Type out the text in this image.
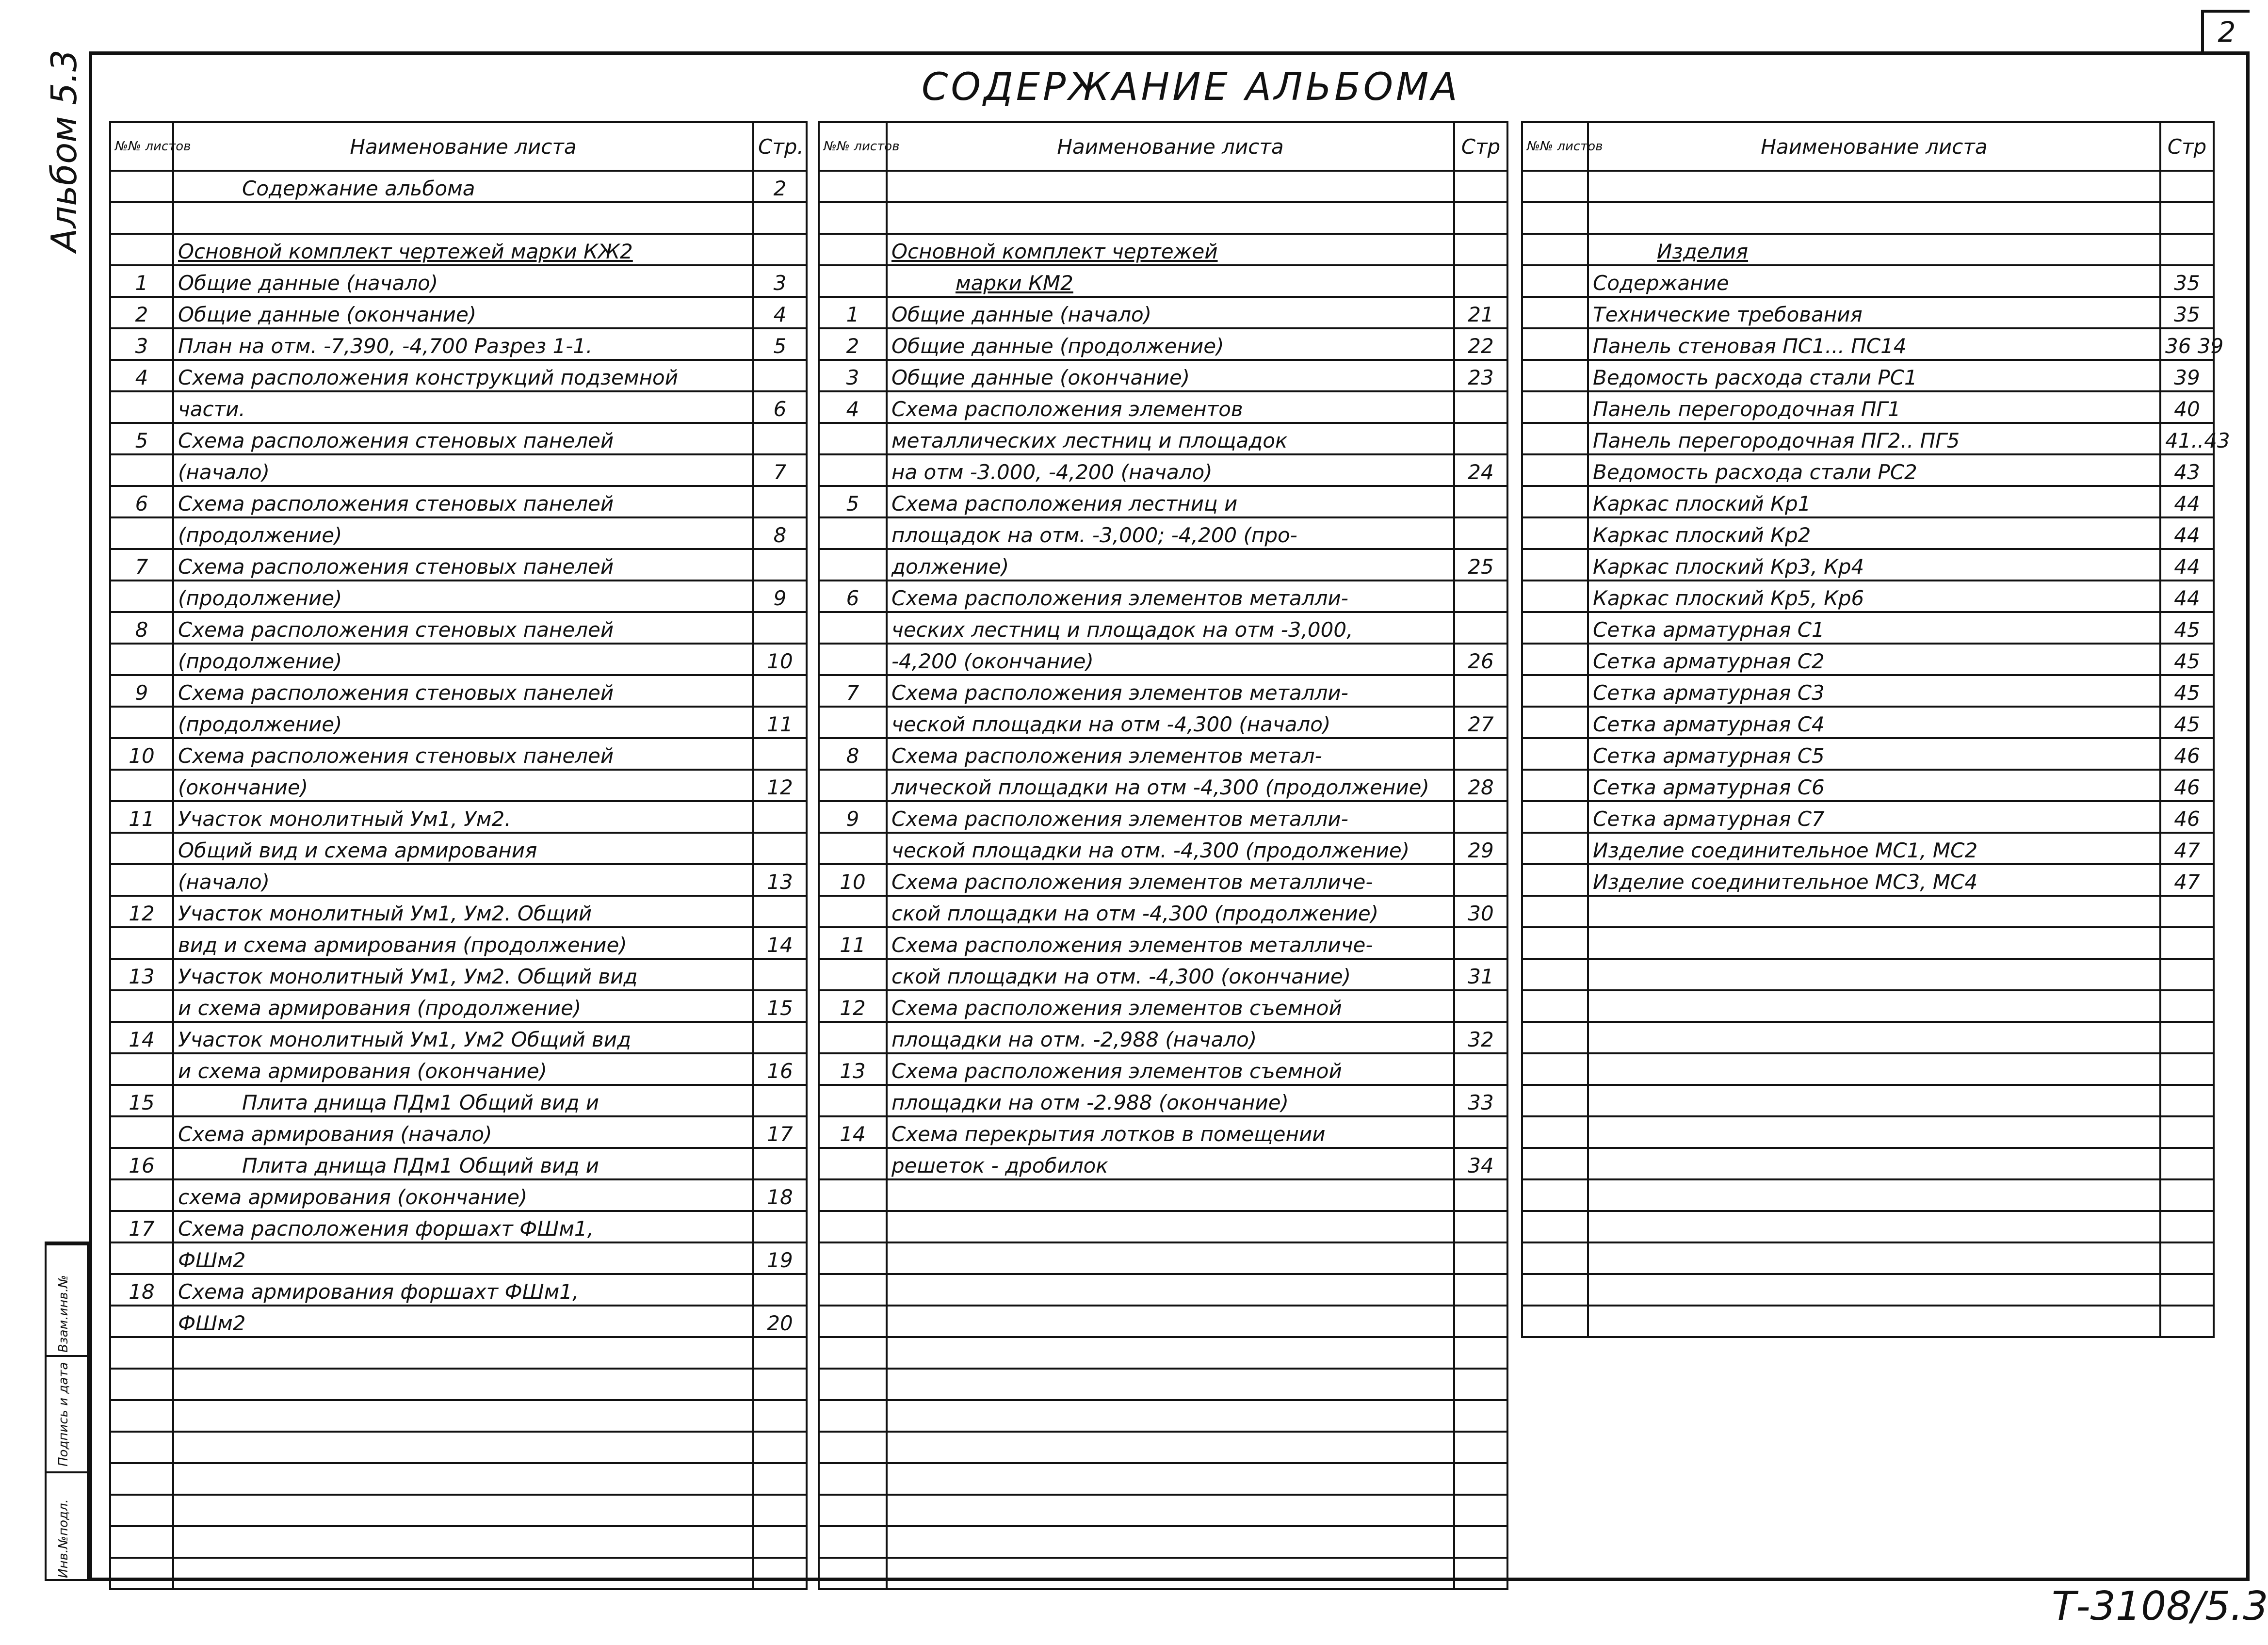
2
Альбом 5.3	СОДЕРЖАНИЕ АЛЬБОМА
Инв.№подл.
Подпись и дата
Взам.инв.№
№№ листов	Наименование листа	Стр.
	Содержание альбома	2

	Основной комплект чертежей марки КЖ2	
1	Общие данные (начало)	3
2	Общие данные (окончание)	4
3	План на отм. -7,390, -4,700 Разрез 1-1.	5
4	Схема расположения конструкций подземной	
	части.	6
5	Схема расположения стеновых панелей	
	(начало)	7
6	Схема расположения стеновых панелей	
	(продолжение)	8
7	Схема расположения стеновых панелей	
	(продолжение)	9
8	Схема расположения стеновых панелей	
	(продолжение)	10
9	Схема расположения стеновых панелей	
	(продолжение)	11
10	Схема расположения стеновых панелей	
	(окончание)	12
11	Участок монолитный Ум1, Ум2.	
	Общий вид и схема армирования	
	(начало)	13
12	Участок монолитный Ум1, Ум2. Общий	
	вид и схема армирования (продолжение)	14
13	Участок монолитный Ум1, Ум2. Общий вид	
	и схема армирования (продолжение)	15
14	Участок монолитный Ум1, Ум2 Общий вид	
	и схема армирования (окончание)	16
15	Плита днища ПДм1 Общий вид и	
	Схема армирования (начало)	17
16	Плита днища ПДм1 Общий вид и	
	схема армирования (окончание)	18
17	Схема расположения форшахт ФШм1,	
	ФШм2	19
18	Схема армирования форшахт ФШм1,	
	ФШм2	20

№№ листов	Наименование листа	Стр

	Основной комплект чертежей	
	марки КМ2	
1	Общие данные (начало)	21
2	Общие данные (продолжение)	22
3	Общие данные (окончание)	23
4	Схема расположения элементов	
	металлических лестниц и площадок	
	на отм -3.000, -4,200 (начало)	24
5	Схема расположения лестниц и	
	площадок на отм. -3,000; -4,200 (про-	
	должение)	25
6	Схема расположения элементов металли-	
	ческих лестниц и площадок на отм -3,000,	
	-4,200 (окончание)	26
7	Схема расположения элементов металли-	
	ческой площадки на отм -4,300 (начало)	27
8	Схема расположения элементов метал-	
	лической площадки на отм -4,300 (продолжение)	28
9	Схема расположения элементов металли-	
	ческой площадки на отм. -4,300 (продолжение)	29
10	Схема расположения элементов металличе-	
	ской площадки на отм -4,300 (продолжение)	30
11	Схема расположения элементов металличе-	
	ской площадки на отм. -4,300 (окончание)	31
12	Схема расположения элементов съемной	
	площадки на отм. -2,988 (начало)	32
13	Схема расположения элементов съемной	
	площадки на отм -2.988 (окончание)	33
14	Схема перекрытия лотков в помещении	
	решеток - дробилок	34

№№ листов	Наименование листа	Стр

	Изделия	
	Содержание	35
	Технические требования	35
	Панель стеновая ПС1... ПС14	36 39
	Ведомость расхода стали РС1	39
	Панель перегородочная ПГ1	40
	Панель перегородочная ПГ2.. ПГ5	41..43
	Ведомость расхода стали РС2	43
	Каркас плоский Кр1	44
	Каркас плоский Кр2	44
	Каркас плоский Кр3, Кр4	44
	Каркас плоский Кр5, Кр6	44
	Сетка арматурная С1	45
	Сетка арматурная С2	45
	Сетка арматурная С3	45
	Сетка арматурная С4	45
	Сетка арматурная С5	46
	Сетка арматурная С6	46
	Сетка арматурная С7	46
	Изделие соединительное МС1, МС2	47
	Изделие соединительное МС3, МС4	47

Т-3108/5.3
